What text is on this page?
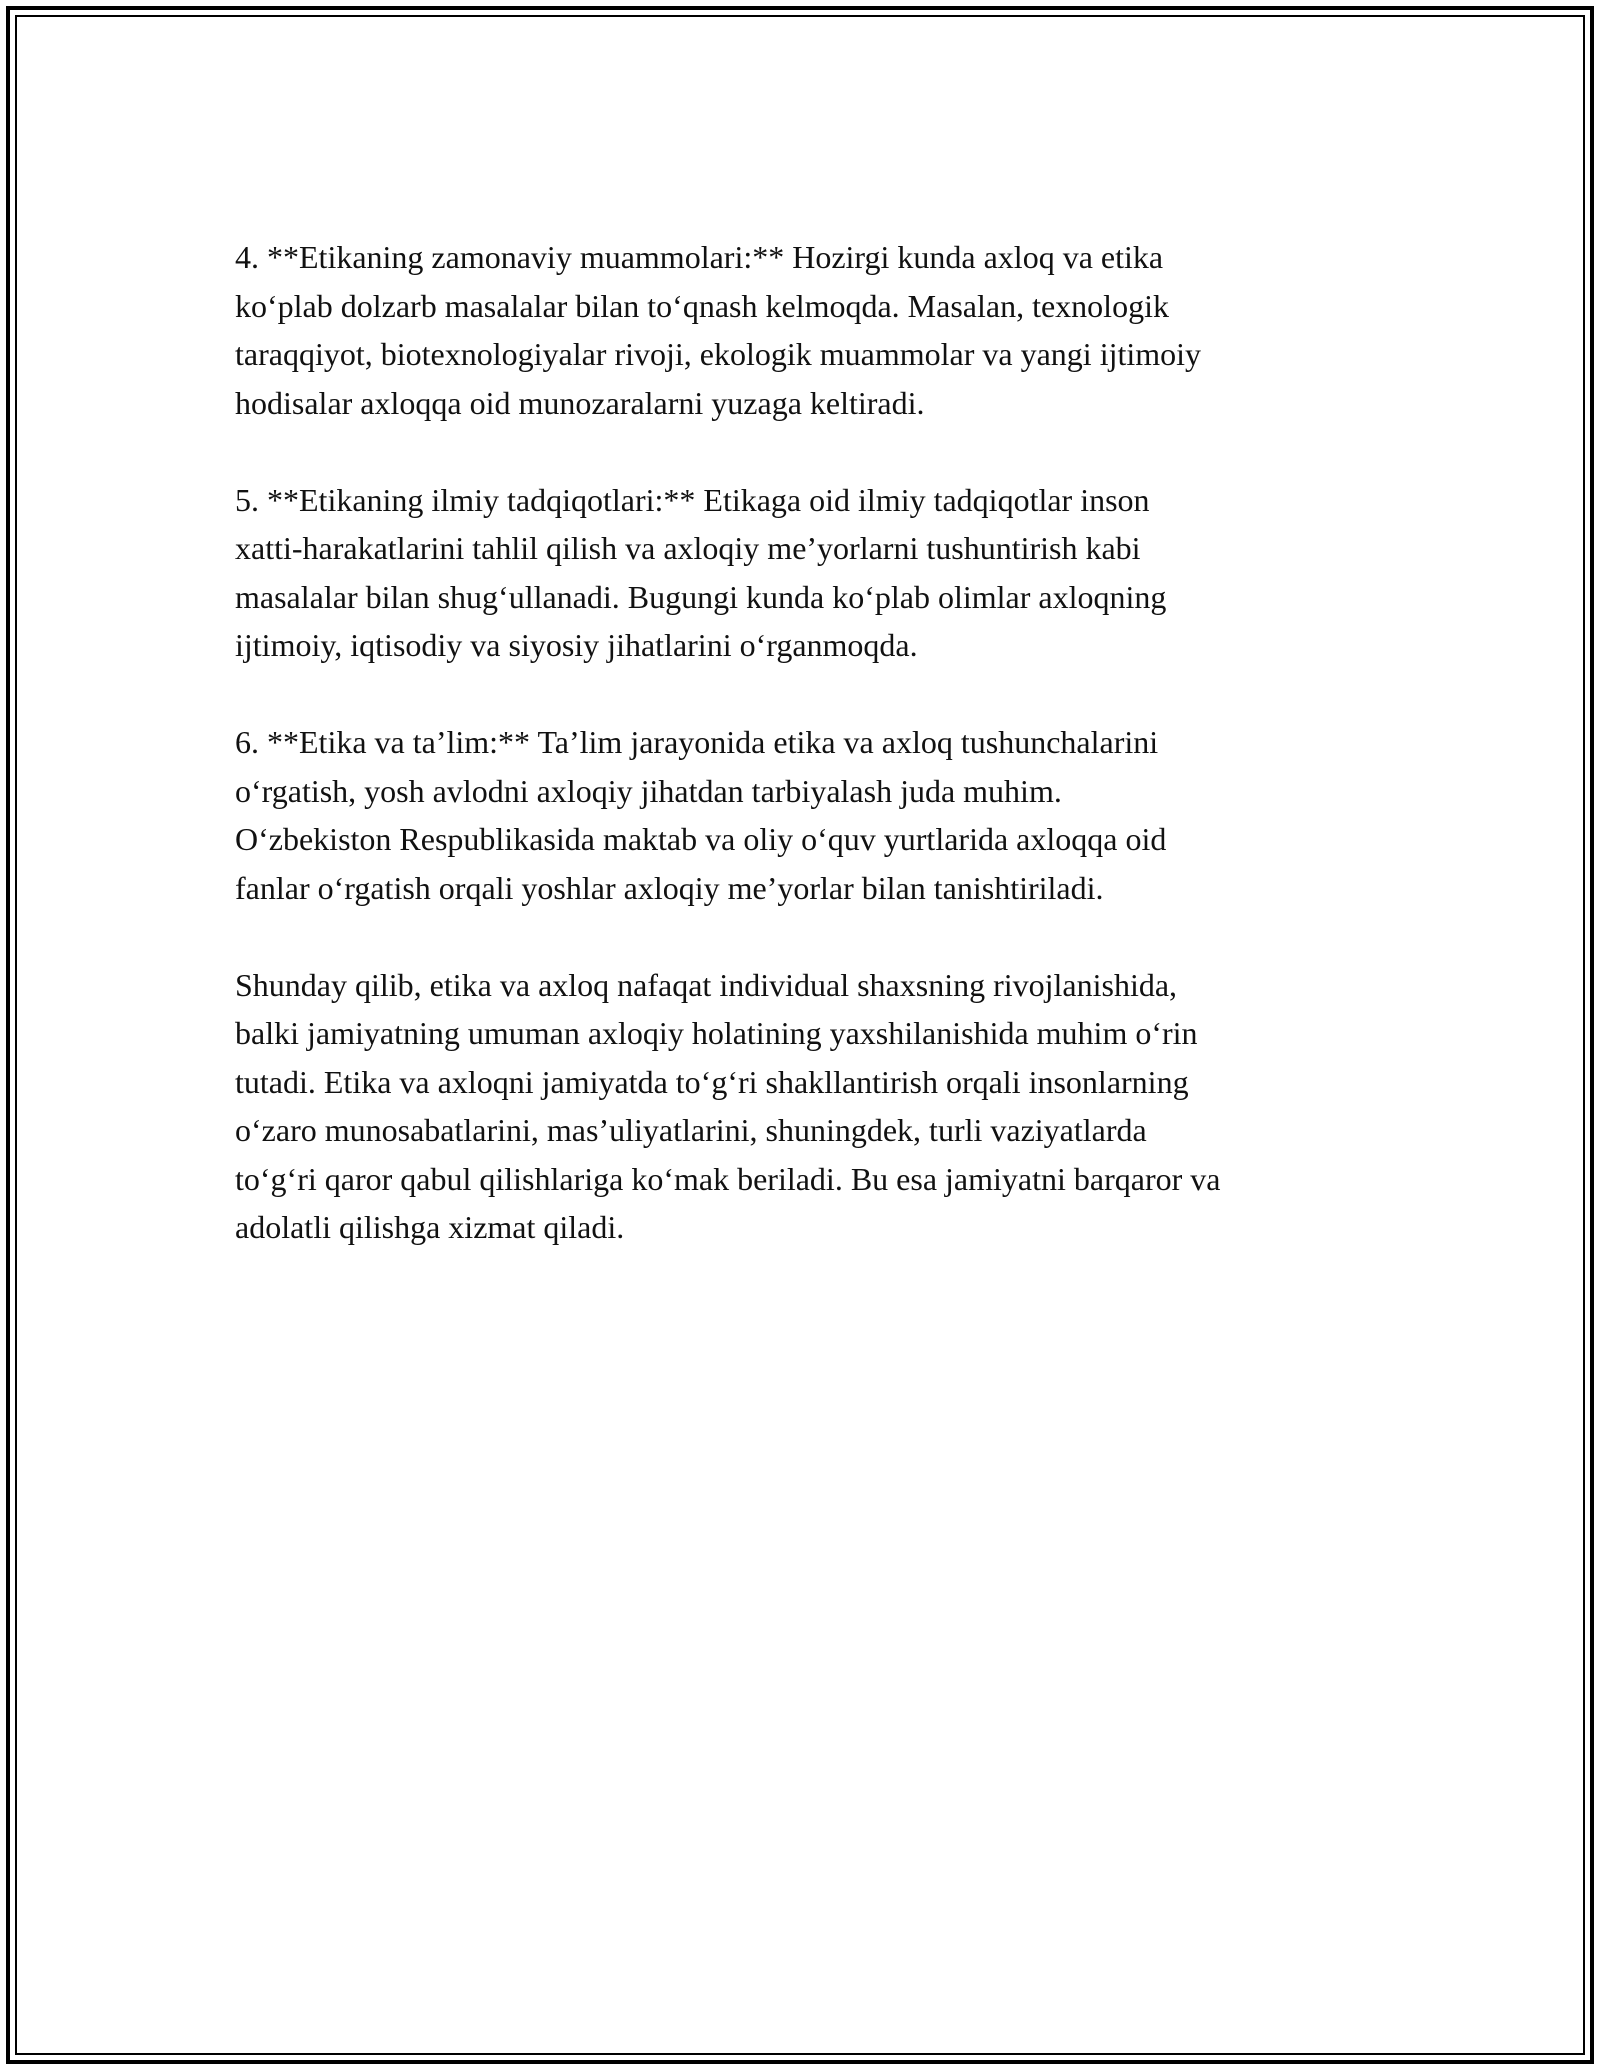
4. **Etikaning zamonaviy muammolari:** Hozirgi kunda axloq va etika
ko‘plab dolzarb masalalar bilan to‘qnash kelmoqda. Masalan, texnologik
taraqqiyot, biotexnologiyalar rivoji, ekologik muammolar va yangi ijtimoiy
hodisalar axloqqa oid munozaralarni yuzaga keltiradi.

5. **Etikaning ilmiy tadqiqotlari:** Etikaga oid ilmiy tadqiqotlar inson
xatti-harakatlarini tahlil qilish va axloqiy me’yorlarni tushuntirish kabi
masalalar bilan shug‘ullanadi. Bugungi kunda ko‘plab olimlar axloqning
ijtimoiy, iqtisodiy va siyosiy jihatlarini o‘rganmoqda.

6. **Etika va ta’lim:** Ta’lim jarayonida etika va axloq tushunchalarini
o‘rgatish, yosh avlodni axloqiy jihatdan tarbiyalash juda muhim.
O‘zbekiston Respublikasida maktab va oliy o‘quv yurtlarida axloqqa oid
fanlar o‘rgatish orqali yoshlar axloqiy me’yorlar bilan tanishtiriladi.

Shunday qilib, etika va axloq nafaqat individual shaxsning rivojlanishida,
balki jamiyatning umuman axloqiy holatining yaxshilanishida muhim o‘rin
tutadi. Etika va axloqni jamiyatda to‘g‘ri shakllantirish orqali insonlarning
o‘zaro munosabatlarini, mas’uliyatlarini, shuningdek, turli vaziyatlarda
to‘g‘ri qaror qabul qilishlariga ko‘mak beriladi. Bu esa jamiyatni barqaror va
adolatli qilishga xizmat qiladi.
